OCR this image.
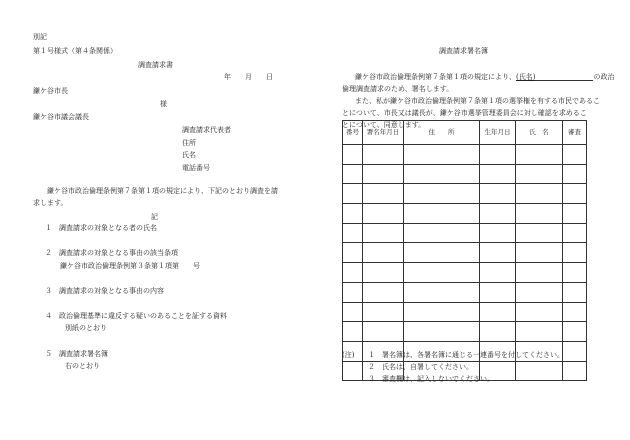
別記
第１号様式（第４条関係）
調査請求書
年　　月　　日
鎌ケ谷市長
様
鎌ケ谷市議会議長
調査請求代表者
住所
氏名
電話番号
鎌ケ谷市政治倫理条例第７条第１項の規定により、下記のとおり調査を請
求します。
記
１　調査請求の対象となる者の氏名
２　調査請求の対象となる事由の該当条項
鎌ケ谷市政治倫理条例第３条第１項第　　号
３　調査請求の対象となる事由の内容
４　政治倫理基準に違反する疑いのあることを証する資料
別紙のとおり
５　調査請求署名簿
右のとおり
調査請求署名簿
鎌ケ谷市政治倫理条例第７条第１項の規定により、(氏名)	の政治
倫理調査請求のため、署名します。
また、私が鎌ケ谷市政治倫理条例第７条第１項の選挙権を有する市民であるこ
とについて、市長又は議長が、鎌ケ谷市選挙管理委員会に対し確認を求めるこ
とについて、同意します。
番号	署名年月日	住　　所	生年月日	氏　名	審査

(注) １　署名簿は、各署名簿に通じる一連番号を付してください。
２　氏名は、自署してください。
３　審査欄は、記入しないでください。
